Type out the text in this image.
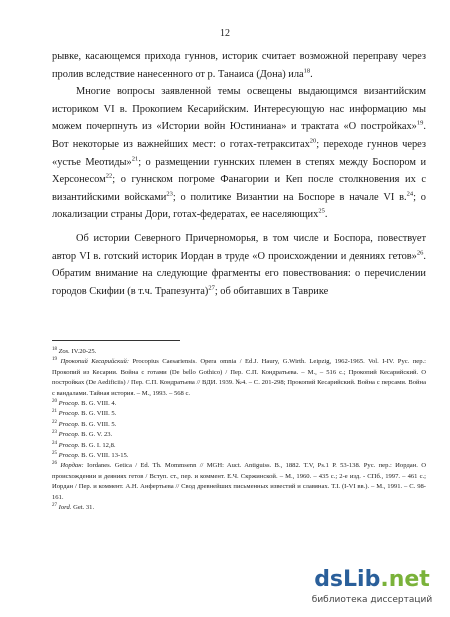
12

рывке, касающемся прихода гуннов, историк считает возможной переправу через пролив вследствие нанесенного от р. Танаиса (Дона) ила$^{18}$.

Многие вопросы заявленной темы освещены выдающимся византийским историком VI в. Прокопием Кесарийским. Интересующую нас информацию мы можем почерпнуть из «Истории войн Юстиниана» и трактата «О постройках»$^{19}$. Вот некоторые из важнейших мест: о готах-тетракситах$^{20}$; переходе гуннов через «устье Меотиды»$^{21}$; о размещении гуннских племен в степях между Боспором и Херсонесом$^{22}$; о гуннском погроме Фанагории и Кеп после столкновения их с византийскими войсками$^{23}$; о политике Византии на Боспоре в начале VI в.$^{24}$; о локализации страны Дори, готах-федератах, ее населяющих$^{25}$.

Об истории Северного Причерноморья, в том числе и Боспора, повествует автор VI в. готский историк Иордан в труде «О происхождении и деяниях гетов»$^{26}$. Обратим внимание на следующие фрагменты его повествования: о перечислении городов Скифии (в т.ч. Трапезунта)$^{27}$; об обитавших в Таврике

$^{18}$ Zos. IV.20-25.

$^{19}$ Прокопий Кесарийский: Procopius Caesariensis. Opera omnia / Ed.J. Haury, G.Wirth. Leipzig, 1962-1965. Vol. I-IV. Рус. пер.: Прокопий из Кесарии. Война с готами (De bello Gothico) / Пер. С.П. Кондратьева. – М., – 516 с.; Прокопий Кесарийский. О постройках (De Aedificiis) / Пер. С.П. Кондратьева // ВДИ. 1939. №4. – С. 201-298; Прокопий Кесарийский. Война с персами. Война с вандалами. Тайная история. – М., 1993. – 568 с.

$^{20}$ Procop. B. G. VIII. 4.

$^{21}$ Procop. B. G. VIII. 5.

$^{22}$ Procop. B. G. VIII. 5.

$^{23}$ Procop. B. G. V. 23.

$^{24}$ Procop. B. G. I. 12,8.

$^{25}$ Procop. B. G. VIII. 13-15.

$^{26}$ Иордан: Iordanes. Getica / Ed. Th. Mommsenn // MGH: Auct. Antiguiss. B., 1882. T.V, Ps.1 P. 53-138. Рус. пер.: Иордан. О происхождении и деяниях гетов / Вступ. ст., пер. и коммент. Е.Ч. Скржинской. – М., 1960. – 435 с.; 2-е изд. - СПб., 1997. – 461 с.; Иордан / Пер. и коммент. А.Н. Анфертьева // Свод древнейших письменных известий и славянах. Т.I. (I-VI вв.). – М., 1991. – С. 98-161.

$^{27}$ Iord. Get. 31.

dsLib.net
библиотека диссертаций
